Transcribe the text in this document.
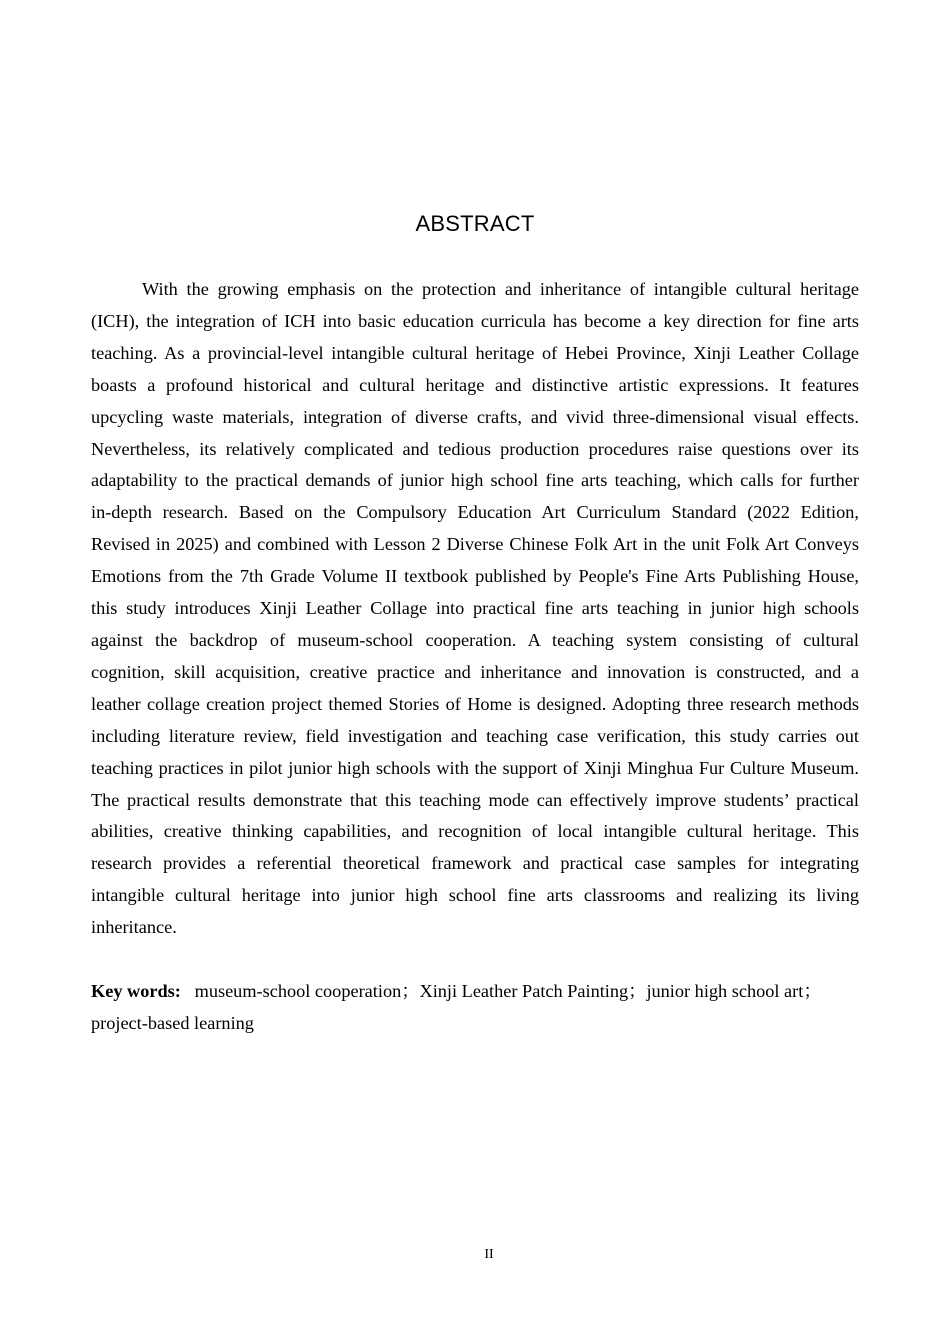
ABSTRACT

With the growing emphasis on the protection and inheritance of intangible cultural heritage (ICH), the integration of ICH into basic education curricula has become a key direction for fine arts teaching. As a provincial-level intangible cultural heritage of Hebei Province, Xinji Leather Collage boasts a profound historical and cultural heritage and distinctive artistic expressions. It features upcycling waste materials, integration of diverse crafts, and vivid three-dimensional visual effects. Nevertheless, its relatively complicated and tedious production procedures raise questions over its adaptability to the practical demands of junior high school fine arts teaching, which calls for further in-depth research. Based on the Compulsory Education Art Curriculum Standard (2022 Edition, Revised in 2025) and combined with Lesson 2 Diverse Chinese Folk Art in the unit Folk Art Conveys Emotions from the 7th Grade Volume II textbook published by People's Fine Arts Publishing House, this study introduces Xinji Leather Collage into practical fine arts teaching in junior high schools against the backdrop of museum-school cooperation. A teaching system consisting of cultural cognition, skill acquisition, creative practice and inheritance and innovation is constructed, and a leather collage creation project themed Stories of Home is designed. Adopting three research methods including literature review, field investigation and teaching case verification, this study carries out teaching practices in pilot junior high schools with the support of Xinji Minghua Fur Culture Museum. The practical results demonstrate that this teaching mode can effectively improve students’ practical abilities, creative thinking capabilities, and recognition of local intangible cultural heritage. This research provides a referential theoretical framework and practical case samples for integrating intangible cultural heritage into junior high school fine arts classrooms and realizing its living inheritance.

Key words: museum-school cooperation；Xinji Leather Patch Painting；junior high school art；project-based learning

II
